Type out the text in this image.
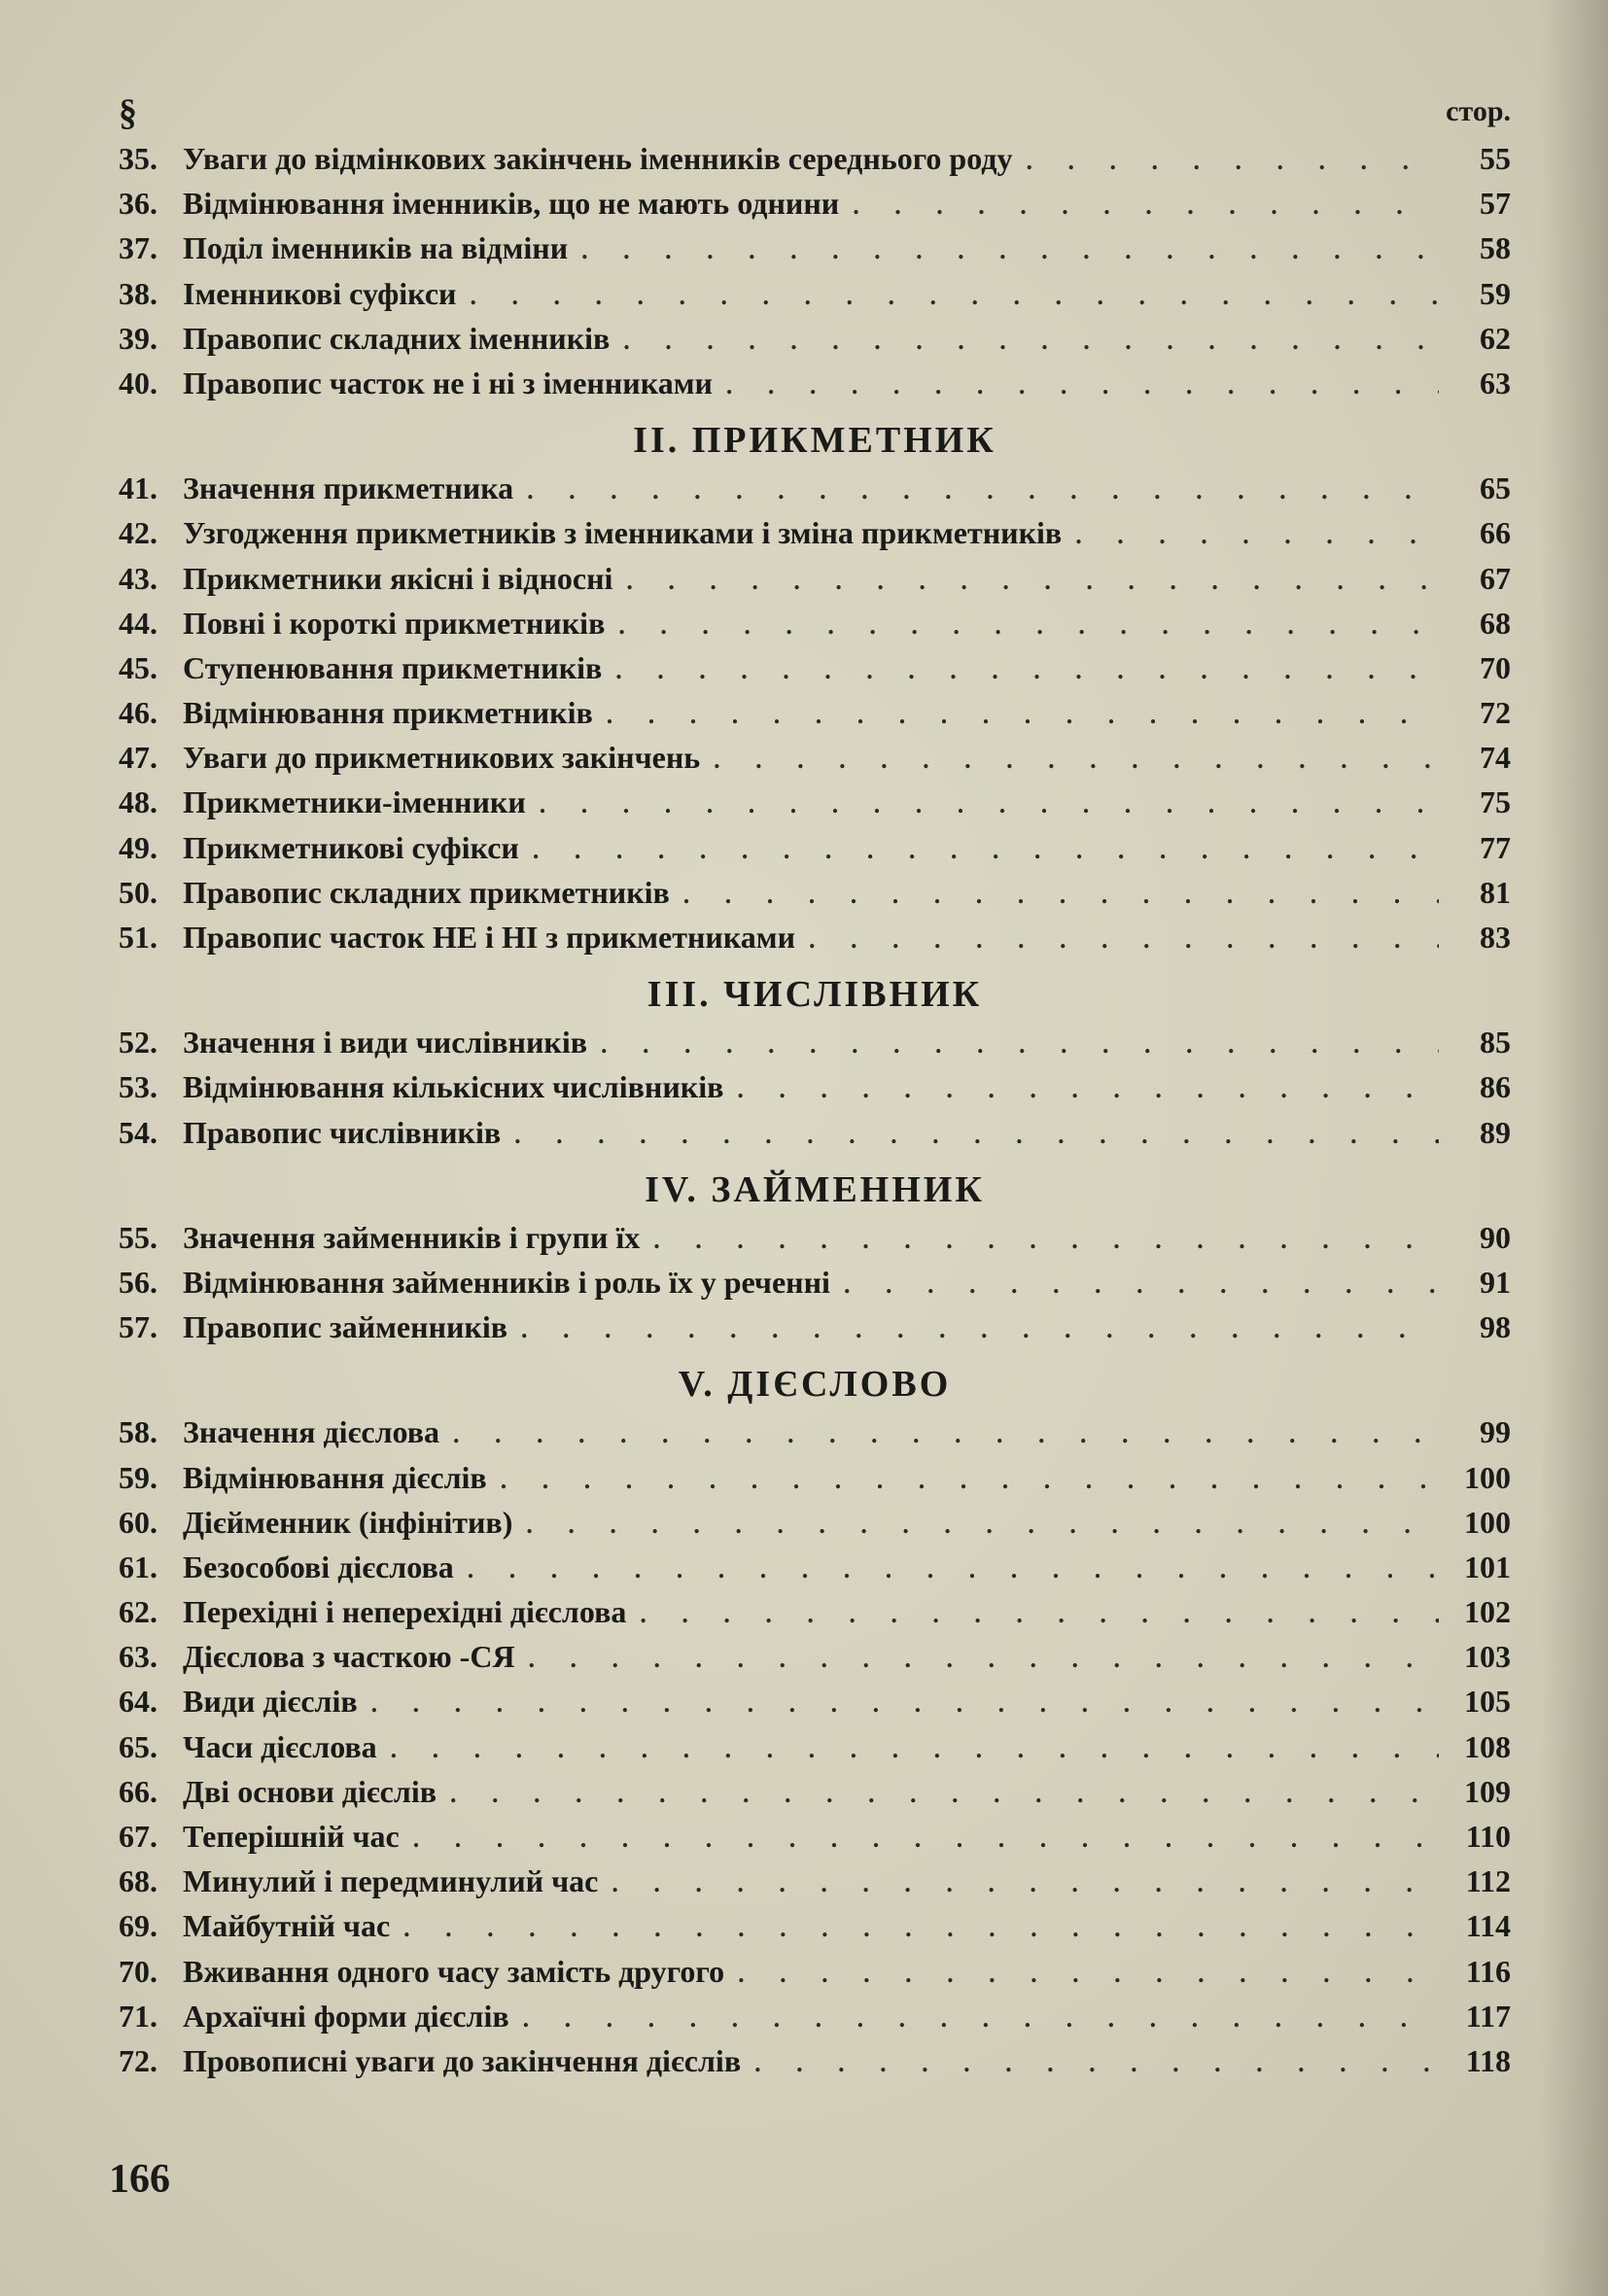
§	стор.
35. Уваги до відмінкових закінчень іменників середнього роду . . .	55
36. Відмінювання іменників, що не мають однини . . .	57
37. Поділ іменників на відміни . . .	58
38. Іменникові суфікси . . .	59
39. Правопис складних іменників . . .	62
40. Правопис часток не і ні з іменниками . . .	63
II. ПРИКМЕТНИК
41. Значення прикметника . . .	65
42. Узгодження прикметників з іменниками і зміна прикметників . . .	66
43. Прикметники якісні і відносні . . .	67
44. Повні і короткі прикметників . . .	68
45. Ступенювання прикметників . . .	70
46. Відмінювання прикметників . . .	72
47. Уваги до прикметникових закінчень . . .	74
48. Прикметники-іменники . . .	75
49. Прикметникові суфікси . . .	77
50. Правопис складних прикметників . . .	81
51. Правопис часток НЕ і НІ з прикметниками . . .	83
III. ЧИСЛІВНИК
52. Значення і види числівників . . .	85
53. Відмінювання кількісних числівників . . .	86
54. Правопис числівників . . .	89
IV. ЗАЙМЕННИК
55. Значення займенників і групи їх . . .	90
56. Відмінювання займенників і роль їх у реченні . . .	91
57. Правопис займенників . . .	98
V. ДІЄСЛОВО
58. Значення дієслова . . .	99
59. Відмінювання дієслів . . .	100
60. Дієйменник (інфінітив) . . .	100
61. Безособові дієслова . . .	101
62. Перехідні і неперехідні дієслова . . .	102
63. Дієслова з часткою -СЯ . . .	103
64. Види дієслів . . .	105
65. Часи дієслова . . .	108
66. Дві основи дієслів . . .	109
67. Теперішній час . . .	110
68. Минулий і передминулий час . . .	112
69. Майбутній час . . .	114
70. Вживання одного часу замість другого . . .	116
71. Архаїчні форми дієслів . . .	117
72. Провописні уваги до закінчення дієслів . . .	118
166
